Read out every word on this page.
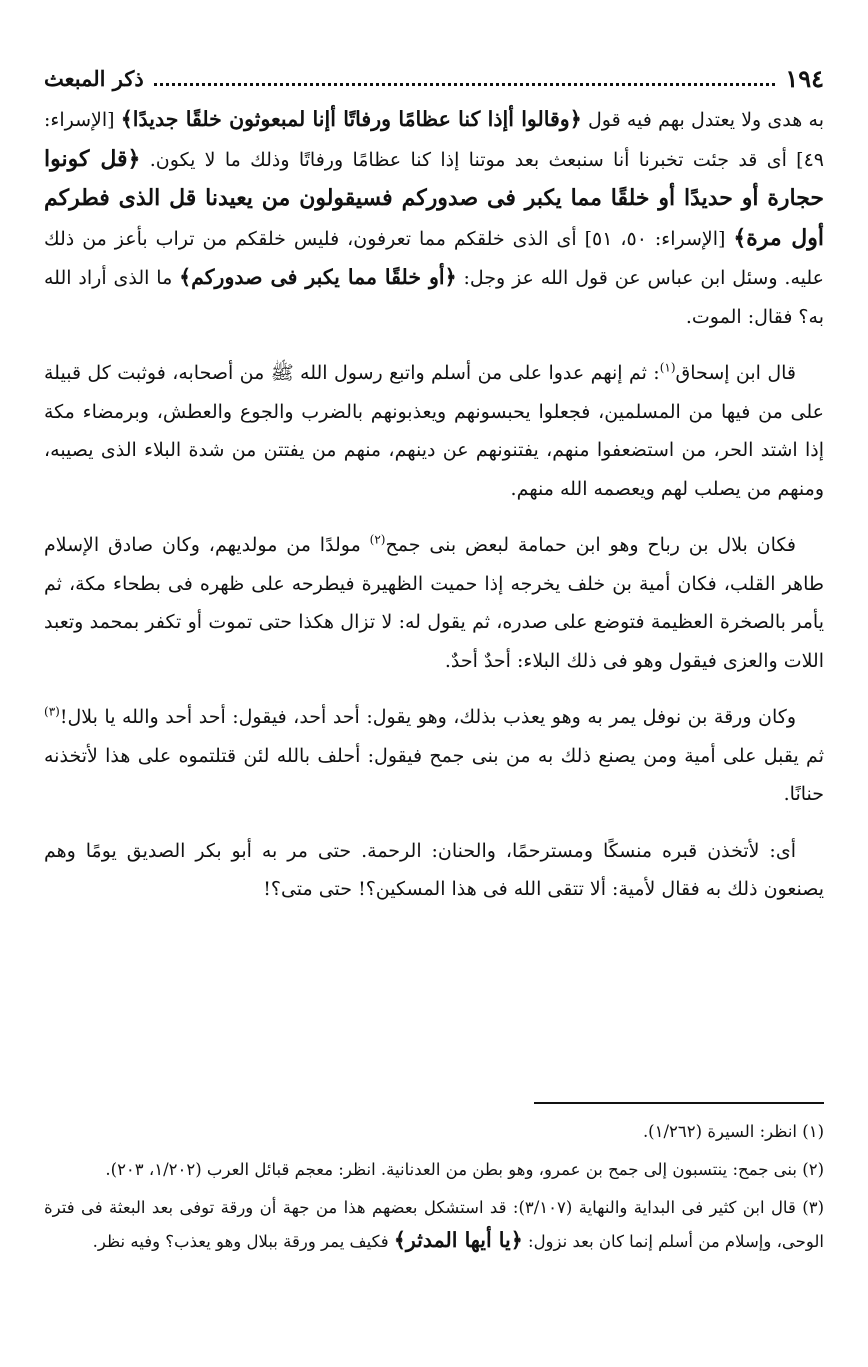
١٩٤
ذكر المبعث

به هدى ولا يعتدل بهم فيه قول ﴿وقالوا أإذا كنا عظامًا ورفاتًا أإنا لمبعوثون خلقًا جديدًا﴾ [الإسراء: ٤٩] أى قد جئت تخبرنا أنا سنبعث بعد موتنا إذا كنا عظامًا ورفاتًا وذلك ما لا يكون. ﴿قل كونوا حجارة أو حديدًا أو خلقًا مما يكبر فى صدوركم فسيقولون من يعيدنا قل الذى فطركم أول مرة﴾ [الإسراء: ٥٠، ٥١] أى الذى خلقكم مما تعرفون، فليس خلقكم من تراب بأعز من ذلك عليه. وسئل ابن عباس عن قول الله عز وجل: ﴿أو خلقًا مما يكبر فى صدوركم﴾ ما الذى أراد الله به؟ فقال: الموت.

قال ابن إسحاق$^{(١)}$: ثم إنهم عدوا على من أسلم واتبع رسول الله ﷺ من أصحابه، فوثبت كل قبيلة على من فيها من المسلمين، فجعلوا يحبسونهم ويعذبونهم بالضرب والجوع والعطش، وبرمضاء مكة إذا اشتد الحر، من استضعفوا منهم، يفتنونهم عن دينهم، منهم من يفتتن من شدة البلاء الذى يصيبه، ومنهم من يصلب لهم ويعصمه الله منهم.

فكان بلال بن رباح وهو ابن حمامة لبعض بنى جمح$^{(٢)}$ مولدًا من مولديهم، وكان صادق الإسلام طاهر القلب، فكان أمية بن خلف يخرجه إذا حميت الظهيرة فيطرحه على ظهره فى بطحاء مكة، ثم يأمر بالصخرة العظيمة فتوضع على صدره، ثم يقول له: لا تزال هكذا حتى تموت أو تكفر بمحمد وتعبد اللات والعزى فيقول وهو فى ذلك البلاء: أحدٌ أحدٌ.

وكان ورقة بن نوفل يمر به وهو يعذب بذلك، وهو يقول: أحد أحد، فيقول: أحد أحد والله يا بلال!$^{(٣)}$ ثم يقبل على أمية ومن يصنع ذلك به من بنى جمح فيقول: أحلف بالله لئن قتلتموه على هذا لأتخذنه حنانًا.

أى: لأتخذن قبره منسكًا ومسترحمًا، والحنان: الرحمة. حتى مر به أبو بكر الصديق يومًا وهم يصنعون ذلك به فقال لأمية: ألا تتقى الله فى هذا المسكين؟! حتى متى؟!

(١) انظر: السيرة (١/٢٦٢).

(٢) بنى جمح: ينتسبون إلى جمح بن عمرو، وهو بطن من العدنانية. انظر: معجم قبائل العرب (١/٢٠٢، ٢٠٣).

(٣) قال ابن كثير فى البداية والنهاية (٣/١٠٧): قد استشكل بعضهم هذا من جهة أن ورقة توفى بعد البعثة فى فترة الوحى، وإسلام من أسلم إنما كان بعد نزول: ﴿يا أيها المدثر﴾ فكيف يمر ورقة ببلال وهو يعذب؟ وفيه نظر.
